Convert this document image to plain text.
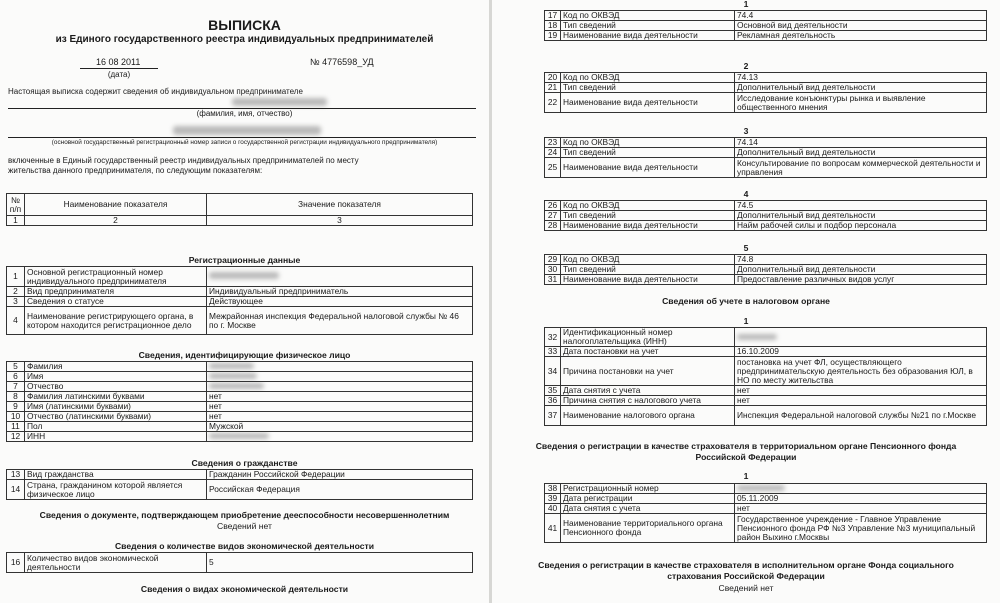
ВЫПИСКА
из Единого государственного реестра индивидуальных предпринимателей
16 08 2011
(дата)
№ 4776598_УД
Настоящая выписка содержит сведения об индивидуальном предпринимателе
(фамилия, имя, отчество)
(основной государственный регистрационный номер записи о государственной регистрации индивидуального предпринимателя)
включенные в Единый государственный реестр индивидуальных предпринимателей по месту
жительства данного предпринимателя, по следующим показателям:
№ п/п	Наименование показателя	Значение показателя
1	2	3
Регистрационные данные
1	Основной регистрационный номер индивидуального предпринимателя	
2	Вид предпринимателя	Индивидуальный предприниматель
3	Сведения о статусе	Действующее
4	Наименование регистрирующего органа, в котором находится регистрационное дело	Межрайонная инспекция Федеральной налоговой службы № 46 по г. Москве
Сведения, идентифицирующие физическое лицо
5	Фамилия	
6	Имя	
7	Отчество	
8	Фамилия латинскими буквами	нет
9	Имя (латинскими буквами)	нет
10	Отчество (латинскими буквами)	нет
11	Пол	Мужской
12	ИНН	
Сведения о гражданстве
13	Вид гражданства	Гражданин Российской Федерации
14	Страна, гражданином которой является физическое лицо	Российская Федерация
Сведения о документе, подтверждающем приобретение дееспособности несовершеннолетним
Сведений нет
Сведения о количестве видов экономической деятельности
16	Количество видов экономической деятельности	5
Сведения о видах экономической деятельности
1
17	Код по ОКВЭД	74.4
18	Тип сведений	Основной вид деятельности
19	Наименование вида деятельности	Рекламная деятельность
2
20	Код по ОКВЭД	74.13
21	Тип сведений	Дополнительный вид деятельности
22	Наименование вида деятельности	Исследование конъюнктуры рынка и выявление общественного мнения
3
23	Код по ОКВЭД	74.14
24	Тип сведений	Дополнительный вид деятельности
25	Наименование вида деятельности	Консультирование по вопросам коммерческой деятельности и управления
4
26	Код по ОКВЭД	74.5
27	Тип сведений	Дополнительный вид деятельности
28	Наименование вида деятельности	Найм рабочей силы и подбор персонала
5
29	Код по ОКВЭД	74.8
30	Тип сведений	Дополнительный вид деятельности
31	Наименование вида деятельности	Предоставление различных видов услуг
Сведения об учете в налоговом органе
1
32	Идентификационный номер налогоплательщика (ИНН)	
33	Дата постановки на учет	16.10.2009
34	Причина постановки на учет	постановка на учет ФЛ, осуществляющего предпринимательскую деятельность без образования ЮЛ, в НО по месту жительства
35	Дата снятия с учета	нет
36	Причина снятия с налогового учета	нет
37	Наименование налогового органа	Инспекция Федеральной налоговой службы №21 по г.Москве
Сведения о регистрации в качестве страхователя в территориальном органе Пенсионного фонда
Российской Федерации
1
38	Регистрационный номер	
39	Дата регистрации	05.11.2009
40	Дата снятия с учета	нет
41	Наименование территориального органа Пенсионного фонда	Государственное учреждение - Главное Управление Пенсионного фонда РФ №3 Управление №3 муниципальный район Выхино г.Москвы
Сведения о регистрации в качестве страхователя в исполнительном органе Фонда социального
страхования Российской Федерации
Сведений нет
